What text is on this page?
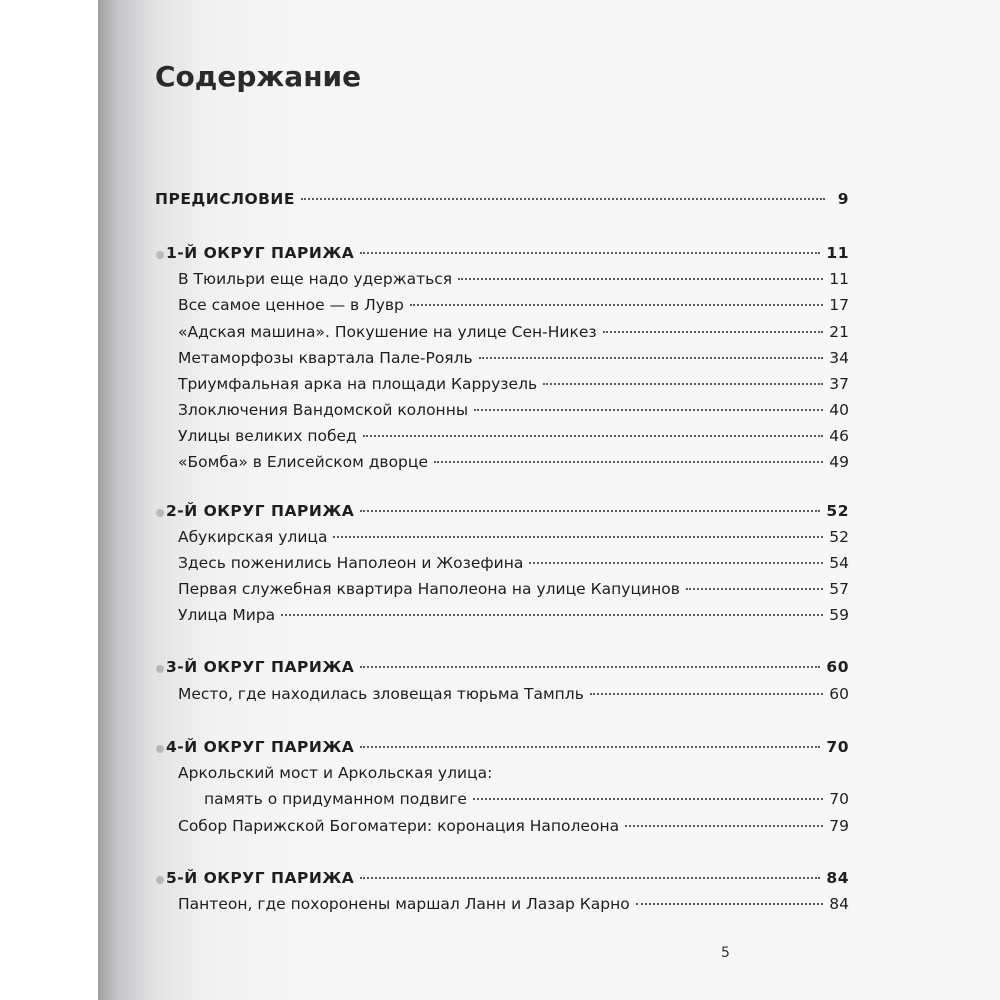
Содержание
ПРЕДИСЛОВИЕ	9
1-Й ОКРУГ ПАРИЖА	11
В Тюильри еще надо удержаться	11
Все самое ценное — в Лувр	17
«Адская машина». Покушение на улице Сен-Никез	21
Метаморфозы квартала Пале-Рояль	34
Триумфальная арка на площади Каррузель	37
Злоключения Вандомской колонны	40
Улицы великих побед	46
«Бомба» в Елисейском дворце	49
2-Й ОКРУГ ПАРИЖА	52
Абукирская улица	52
Здесь поженились Наполеон и Жозефина	54
Первая служебная квартира Наполеона на улице Капуцинов	57
Улица Мира	59
3-Й ОКРУГ ПАРИЖА	60
Место, где находилась зловещая тюрьма Тампль	60
4-Й ОКРУГ ПАРИЖА	70
Аркольский мост и Аркольская улица:
память о придуманном подвиге	70
Собор Парижской Богоматери: коронация Наполеона	79
5-Й ОКРУГ ПАРИЖА	84
Пантеон, где похоронены маршал Ланн и Лазар Карно	84
5
